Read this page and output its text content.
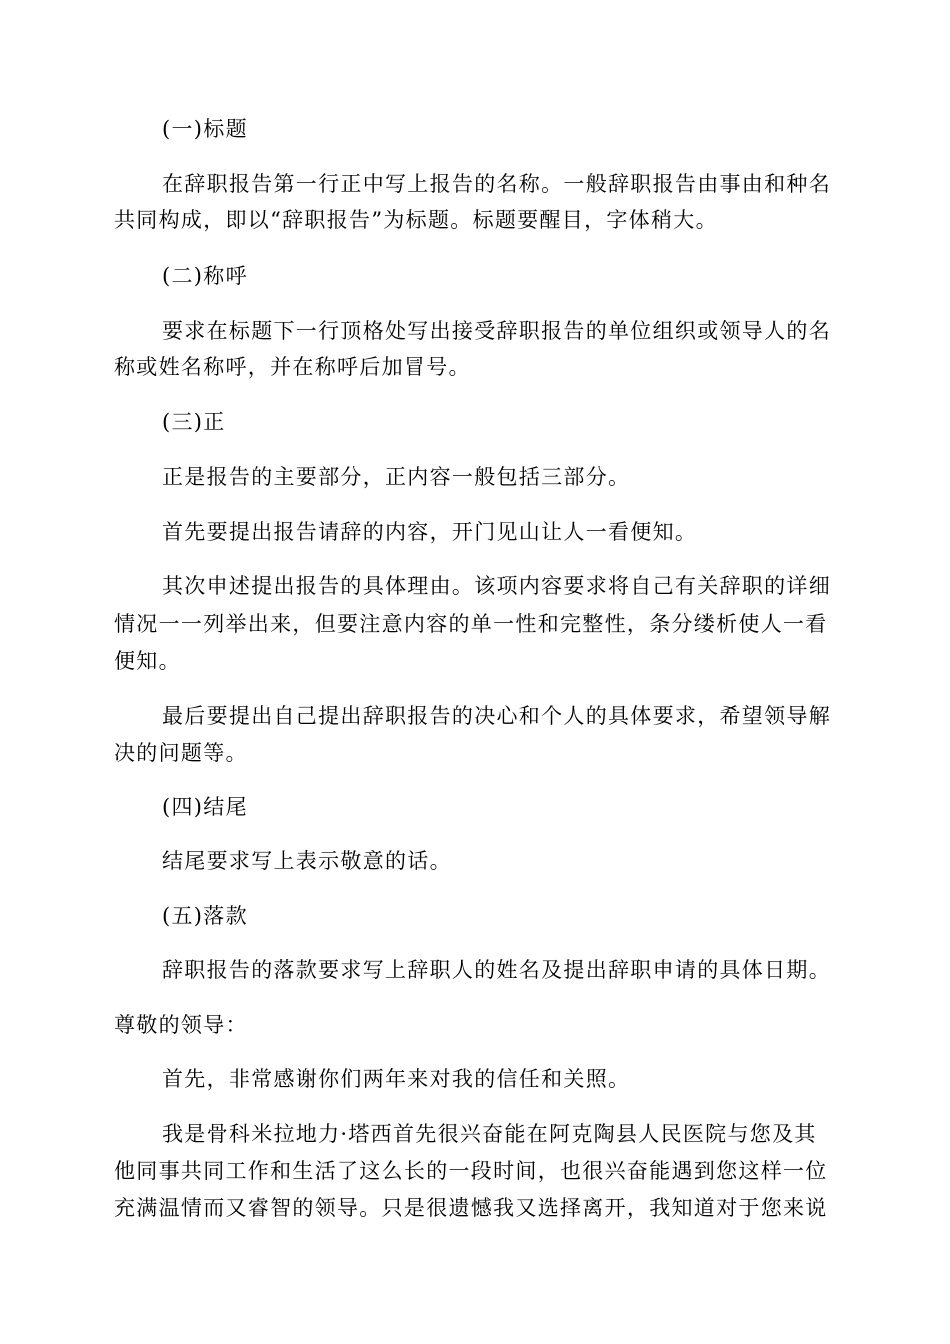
(一)标题
在辞职报告第一行正中写上报告的名称。一般辞职报告由事由和种名
共同构成，即以“辞职报告”为标题。标题要醒目，字体稍大。
(二)称呼
要求在标题下一行顶格处写出接受辞职报告的单位组织或领导人的名
称或姓名称呼，并在称呼后加冒号。
(三)正
正是报告的主要部分，正内容一般包括三部分。
首先要提出报告请辞的内容，开门见山让人一看便知。
其次申述提出报告的具体理由。该项内容要求将自己有关辞职的详细
情况一一列举出来，但要注意内容的单一性和完整性，条分缕析使人一看
便知。
最后要提出自己提出辞职报告的决心和个人的具体要求，希望领导解
决的问题等。
(四)结尾
结尾要求写上表示敬意的话。
(五)落款
辞职报告的落款要求写上辞职人的姓名及提出辞职申请的具体日期。
尊敬的领导：
首先，非常感谢你们两年来对我的信任和关照。
我是骨科米拉地力·塔西首先很兴奋能在阿克陶县人民医院与您及其
他同事共同工作和生活了这么长的一段时间，也很兴奋能遇到您这样一位
充满温情而又睿智的领导。只是很遗憾我又选择离开，我知道对于您来说
